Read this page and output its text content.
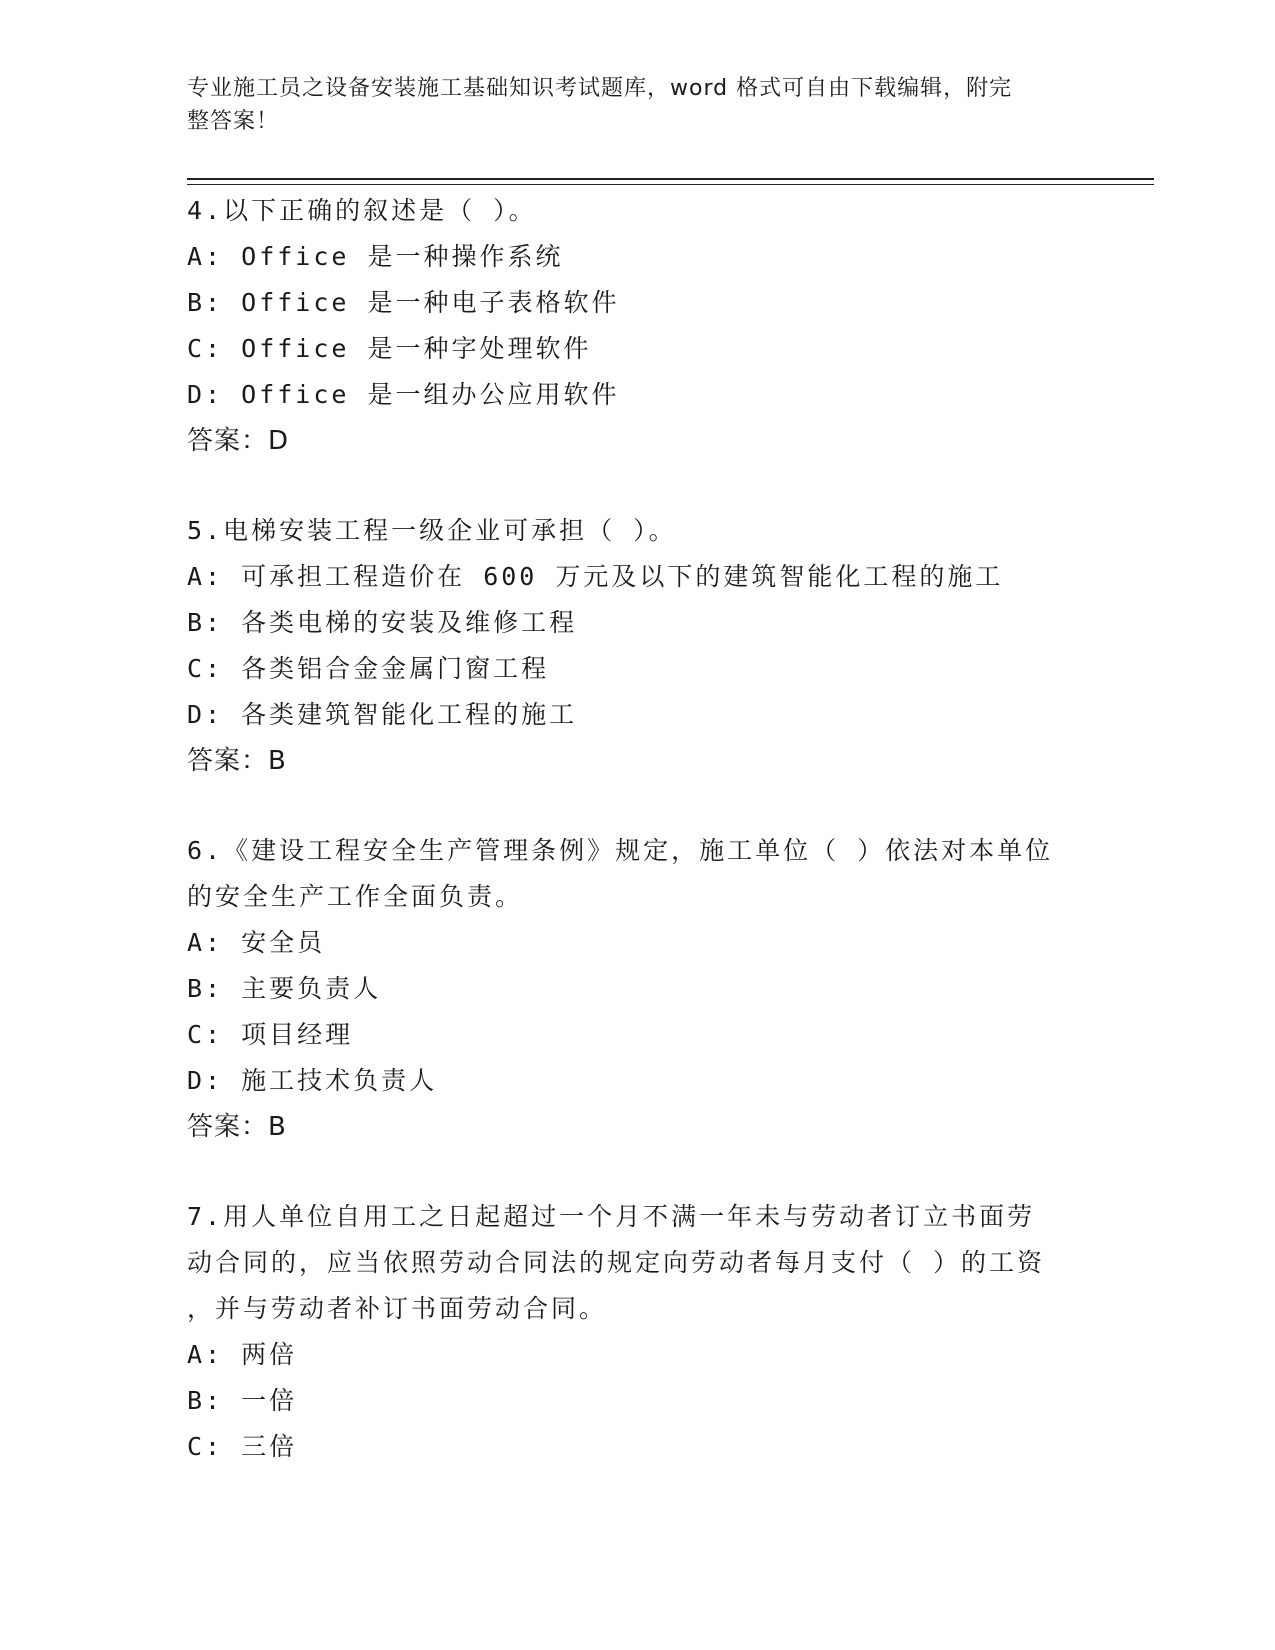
专业施工员之设备安装施工基础知识考试题库，word 格式可自由下载编辑，附完
整答案！
4.以下正确的叙述是（ ）。
A: Office 是一种操作系统
B: Office 是一种电子表格软件
C: Office 是一种字处理软件
D: Office 是一组办公应用软件
答案：D
5.电梯安装工程一级企业可承担（ ）。
A: 可承担工程造价在 600 万元及以下的建筑智能化工程的施工
B: 各类电梯的安装及维修工程
C: 各类铝合金金属门窗工程
D: 各类建筑智能化工程的施工
答案：B
6.《建设工程安全生产管理条例》规定，施工单位（ ）依法对本单位
的安全生产工作全面负责。
A: 安全员
B: 主要负责人
C: 项目经理
D: 施工技术负责人
答案：B
7.用人单位自用工之日起超过一个月不满一年未与劳动者订立书面劳
动合同的，应当依照劳动合同法的规定向劳动者每月支付（ ）的工资
，并与劳动者补订书面劳动合同。
A: 两倍
B: 一倍
C: 三倍
